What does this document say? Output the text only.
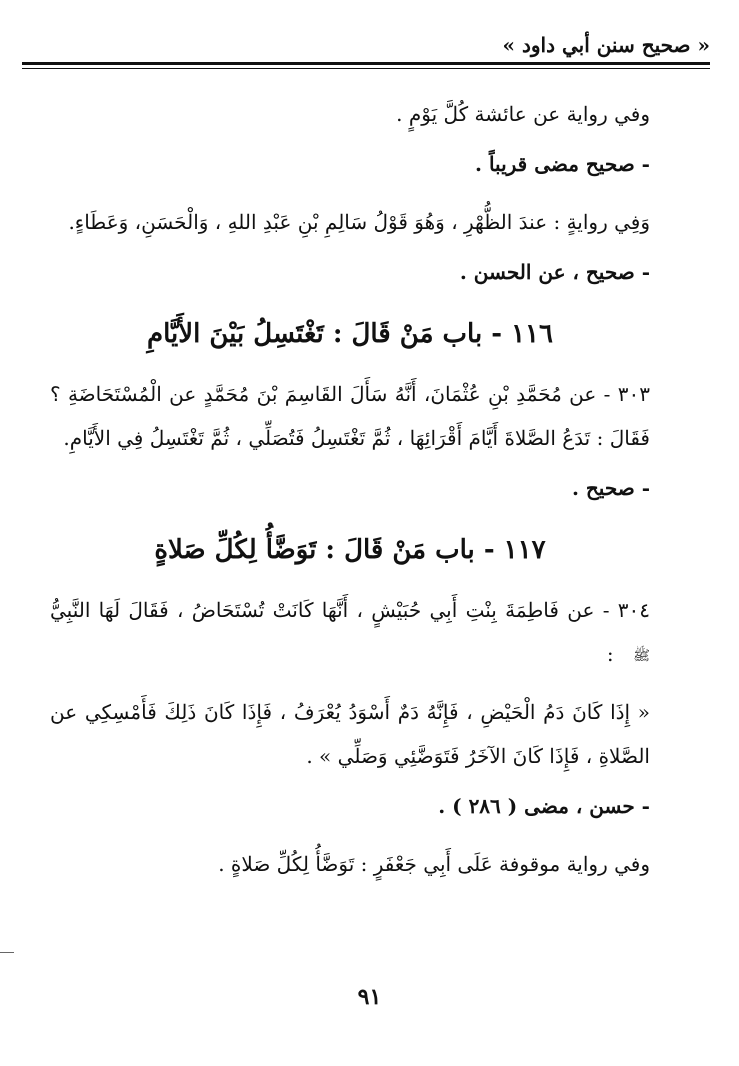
« صحيح سنن أبي داود »

وفي رواية عن عائشة كُلَّ يَوْمٍ .

- صحيح مضى قريباً .

وَفِي روايةٍ : عندَ الظُّهْرِ ، وَهُوَ قَوْلُ سَالِمِ بْنِ عَبْدِ اللهِ ، وَالْحَسَنِ، وَعَطَاءٍ.

- صحيح ، عن الحسن .

١١٦ - باب مَنْ قَالَ : تَغْتَسِلُ بَيْنَ الأَيَّامِ

٣٠٣ - عن مُحَمَّدِ بْنِ عُثْمَانَ، أَنَّهُ سَأَلَ القَاسِمَ بْنَ مُحَمَّدٍ عن الْمُسْتَحَاضَةِ ؟ فَقَالَ : تَدَعُ الصَّلاةَ أَيَّامَ أَقْرَائِهَا ، ثُمَّ تَغْتَسِلُ فَتُصَلِّي ، ثُمَّ تَغْتَسِلُ فِي الأَيَّامِ.

- صحيح .

١١٧ - باب مَنْ قَالَ : تَوَضَّأُ لِكُلِّ صَلاةٍ

٣٠٤ - عن فَاطِمَةَ بِنْتِ أَبِي حُبَيْشٍ ، أَنَّهَا كَانَتْ تُسْتَحَاضُ ، فَقَالَ لَهَا النَّبِيُّ ﷺ :

« إِذَا كَانَ دَمُ الْحَيْضِ ، فَإِنَّهُ دَمٌ أَسْوَدُ يُعْرَفُ ، فَإِذَا كَانَ ذَلِكَ فَأَمْسِكِي عن الصَّلاةِ ، فَإِذَا كَانَ الآخَرُ فَتَوَضَّئِي وَصَلِّي » .

- حسن ، مضى ( ٢٨٦ ) .

وفي رواية موقوفة عَلَى أَبِي جَعْفَرٍ : تَوَضَّأُ لِكُلِّ صَلاةٍ .

٩١
